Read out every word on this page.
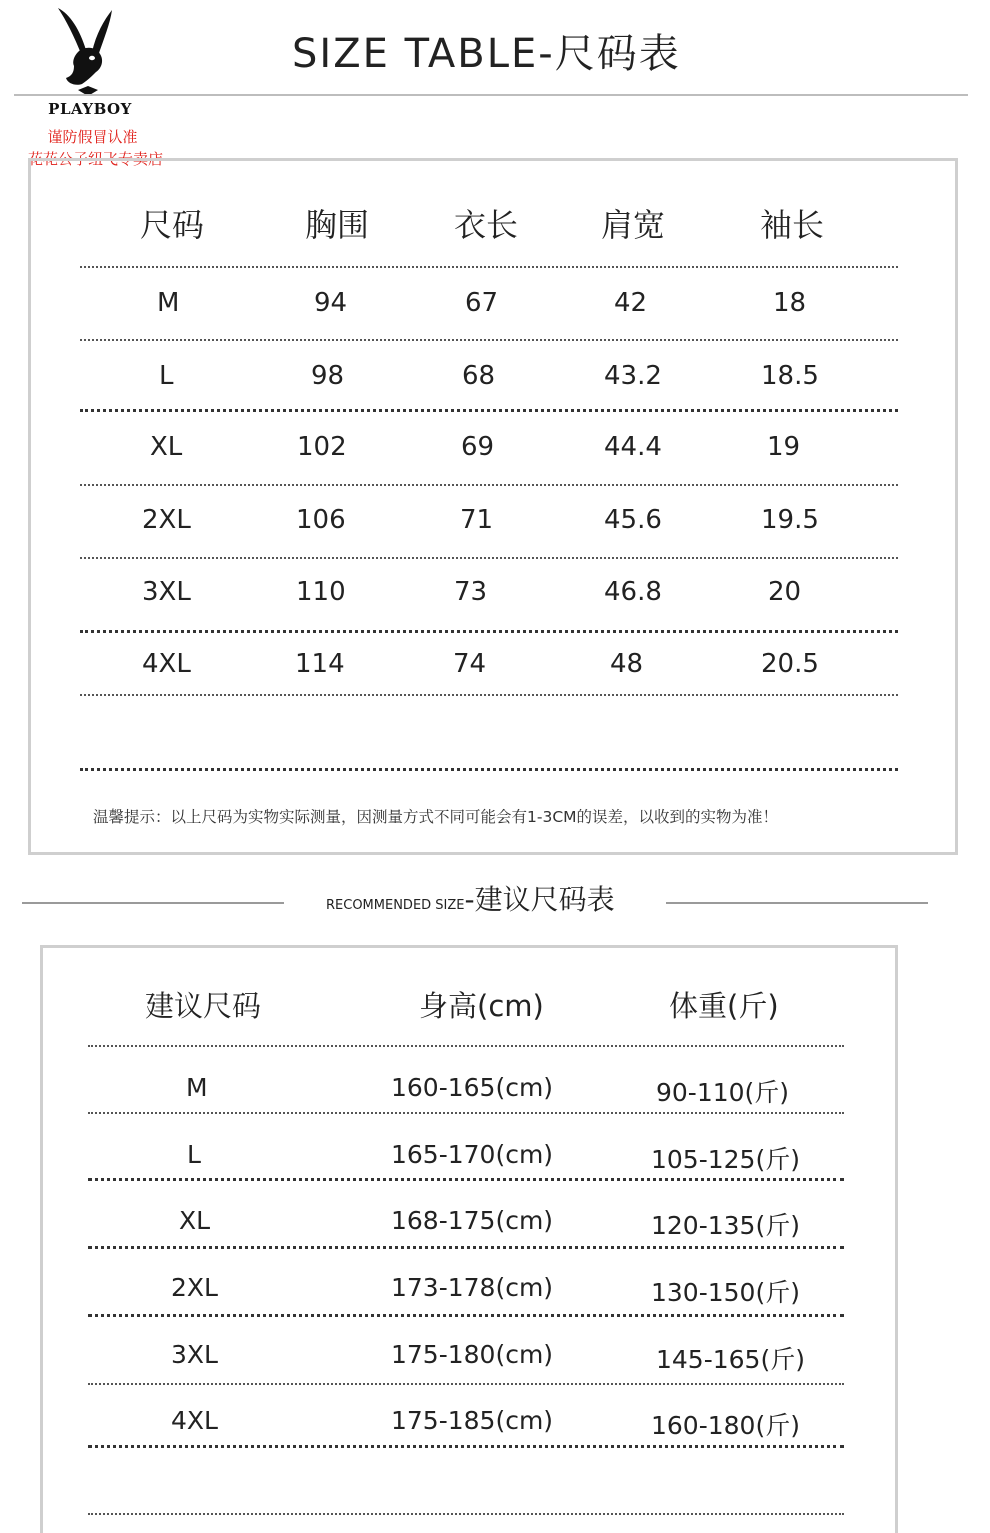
PLAYBOY
谨防假冒认准
花花公子纽飞专卖店
SIZE TABLE-尺码表
尺码	胸围	衣长	肩宽	袖长
M	94	67	42	18
L	98	68	43.2	18.5
XL	102	69	44.4	19
2XL	106	71	45.6	19.5
3XL	110	73	46.8	20
4XL	114	74	48	20.5
温馨提示：以上尺码为实物实际测量，因测量方式不同可能会有1-3CM的误差，以收到的实物为准！
RECOMMENDED SIZE-建议尺码表
建议尺码	身高(cm)	体重(斤)
M	160-165(cm)	90-110(斤)
L	165-170(cm)	105-125(斤)
XL	168-175(cm)	120-135(斤)
2XL	173-178(cm)	130-150(斤)
3XL	175-180(cm)	145-165(斤)
4XL	175-185(cm)	160-180(斤)
